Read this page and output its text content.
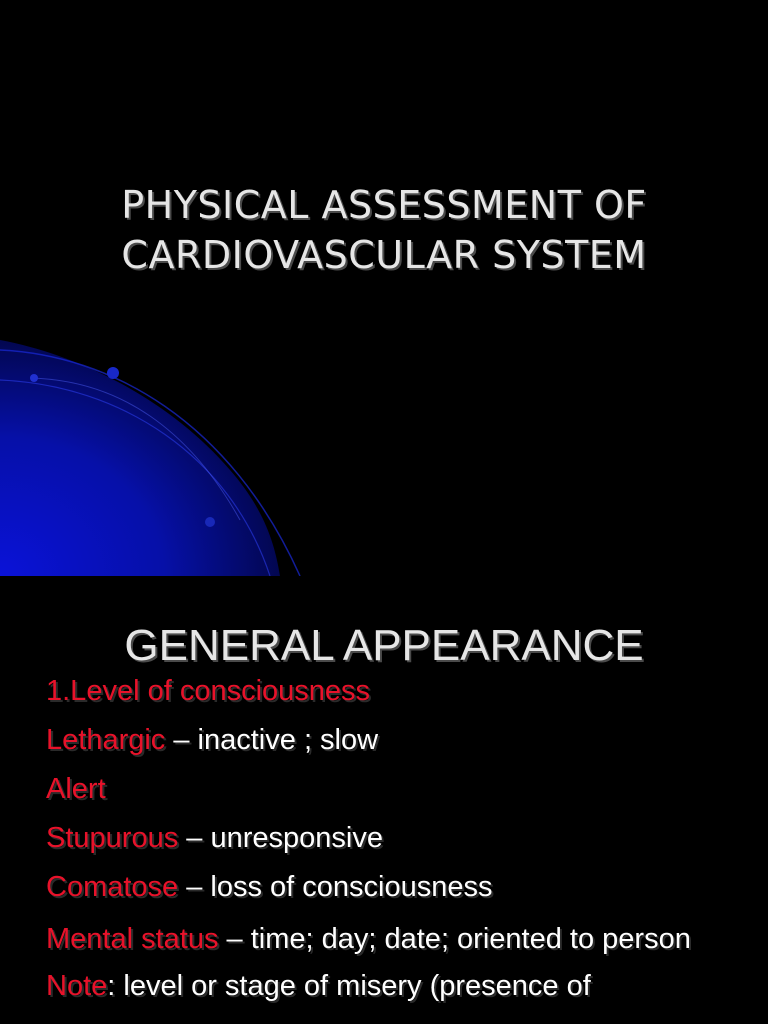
PHYSICAL ASSESSMENT OF
CARDIOVASCULAR SYSTEM
GENERAL APPEARANCE
1.Level of consciousness
Lethargic – inactive ; slow
Alert
Stupurous – unresponsive
Comatose – loss of consciousness
Mental status – time; day; date; oriented to person
Note: level or stage of misery (presence of
